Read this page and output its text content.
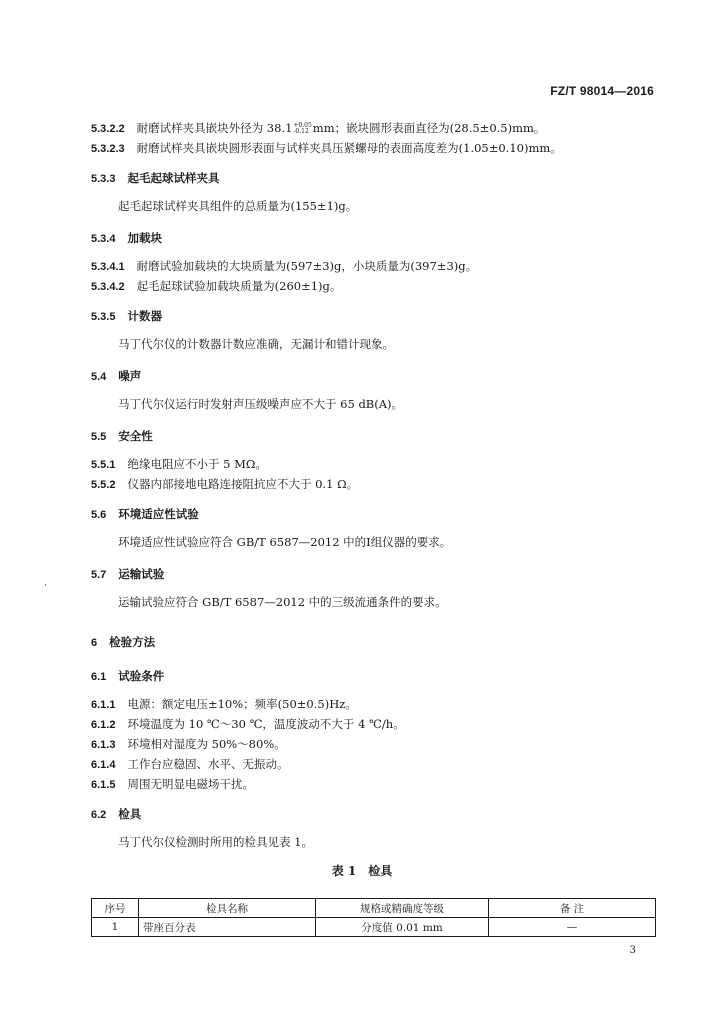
FZ/T 98014—2016
5.3.2.2 耐磨试样夹具嵌块外径为 38.1 +0.05
-0.12 mm；嵌块圆形表面直径为(28.5±0.5)mm。
5.3.2.3 耐磨试样夹具嵌块圆形表面与试样夹具压紧螺母的表面高度差为(1.05±0.10)mm。
5.3.3 起毛起球试样夹具
起毛起球试样夹具组件的总质量为(155±1)g。
5.3.4 加载块
5.3.4.1 耐磨试验加载块的大块质量为(597±3)g，小块质量为(397±3)g。
5.3.4.2 起毛起球试验加载块质量为(260±1)g。
5.3.5 计数器
马丁代尔仪的计数器计数应准确，无漏计和错计现象。
5.4 噪声
马丁代尔仪运行时发射声压级噪声应不大于 65 dB(A)。
5.5 安全性
5.5.1 绝缘电阻应不小于 5 MΩ。
5.5.2 仪器内部接地电路连接阻抗应不大于 0.1 Ω。
5.6 环境适应性试验
环境适应性试验应符合 GB/T 6587—2012 中的Ⅰ组仪器的要求。
·
5.7 运输试验
运输试验应符合 GB/T 6587—2012 中的三级流通条件的要求。
6 检验方法
6.1 试验条件
6.1.1 电源：额定电压±10%；频率(50±0.5)Hz。
6.1.2 环境温度为 10 ℃～30 ℃，温度波动不大于 4 ℃/h。
6.1.3 环境相对湿度为 50%～80%。
6.1.4 工作台应稳固、水平、无振动。
6.1.5 周围无明显电磁场干扰。
6.2 检具
马丁代尔仪检测时所用的检具见表 1。
表 1　检具
序号	检具名称	规格或精确度等级	备 注
1	带座百分表	分度值 0.01 mm	—
3
